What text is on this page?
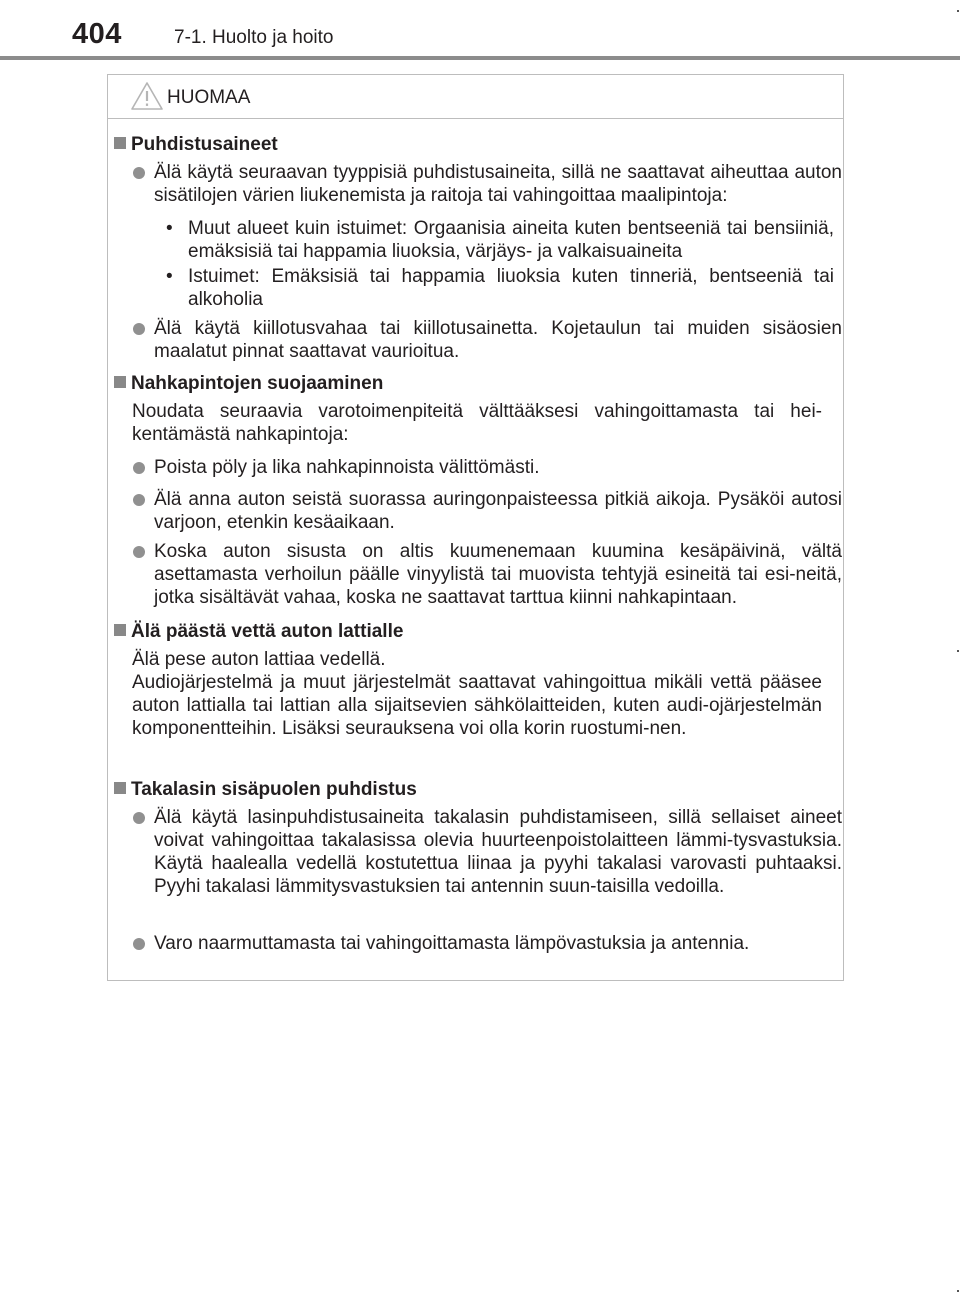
404	7-1. Huolto ja hoito
HUOMAA
Puhdistusaineet
Älä käytä seuraavan tyyppisiä puhdistusaineita, sillä ne saattavat aiheuttaa auton sisätilojen värien liukenemista ja raitoja tai vahingoittaa maalipintoja:
• Muut alueet kuin istuimet: Orgaanisia aineita kuten bentseeniä tai bensiiniä, emäksisiä tai happamia liuoksia, värjäys- ja valkaisuaineita
• Istuimet: Emäksisiä tai happamia liuoksia kuten tinneriä, bentseeniä tai alkoholia
Älä käytä kiillotusvahaa tai kiillotusainetta. Kojetaulun tai muiden sisäosien maalatut pinnat saattavat vaurioitua.
Nahkapintojen suojaaminen
Noudata seuraavia varotoimenpiteitä välttääksesi vahingoittamasta tai hei-kentämästä nahkapintoja:
Poista pöly ja lika nahkapinnoista välittömästi.
Älä anna auton seistä suorassa auringonpaisteessa pitkiä aikoja. Pysäköi autosi varjoon, etenkin kesäaikaan.
Koska auton sisusta on altis kuumenemaan kuumina kesäpäivinä, vältä asettamasta verhoilun päälle vinyylistä tai muovista tehtyjä esineitä tai esi-neitä, jotka sisältävät vahaa, koska ne saattavat tarttua kiinni nahkapintaan.
Älä päästä vettä auton lattialle
Älä pese auton lattiaa vedellä.
Audiojärjestelmä ja muut järjestelmät saattavat vahingoittua mikäli vettä pääsee auton lattialla tai lattian alla sijaitsevien sähkölaitteiden, kuten audi-ojärjestelmän komponentteihin. Lisäksi seurauksena voi olla korin ruostumi-nen.
Takalasin sisäpuolen puhdistus
Älä käytä lasinpuhdistusaineita takalasin puhdistamiseen, sillä sellaiset aineet voivat vahingoittaa takalasissa olevia huurteenpoistolaitteen lämmi-tysvastuksia. Käytä haalealla vedellä kostutettua liinaa ja pyyhi takalasi varovasti puhtaaksi. Pyyhi takalasi lämmitysvastuksien tai antennin suun-taisilla vedoilla.
Varo naarmuttamasta tai vahingoittamasta lämpövastuksia ja antennia.
